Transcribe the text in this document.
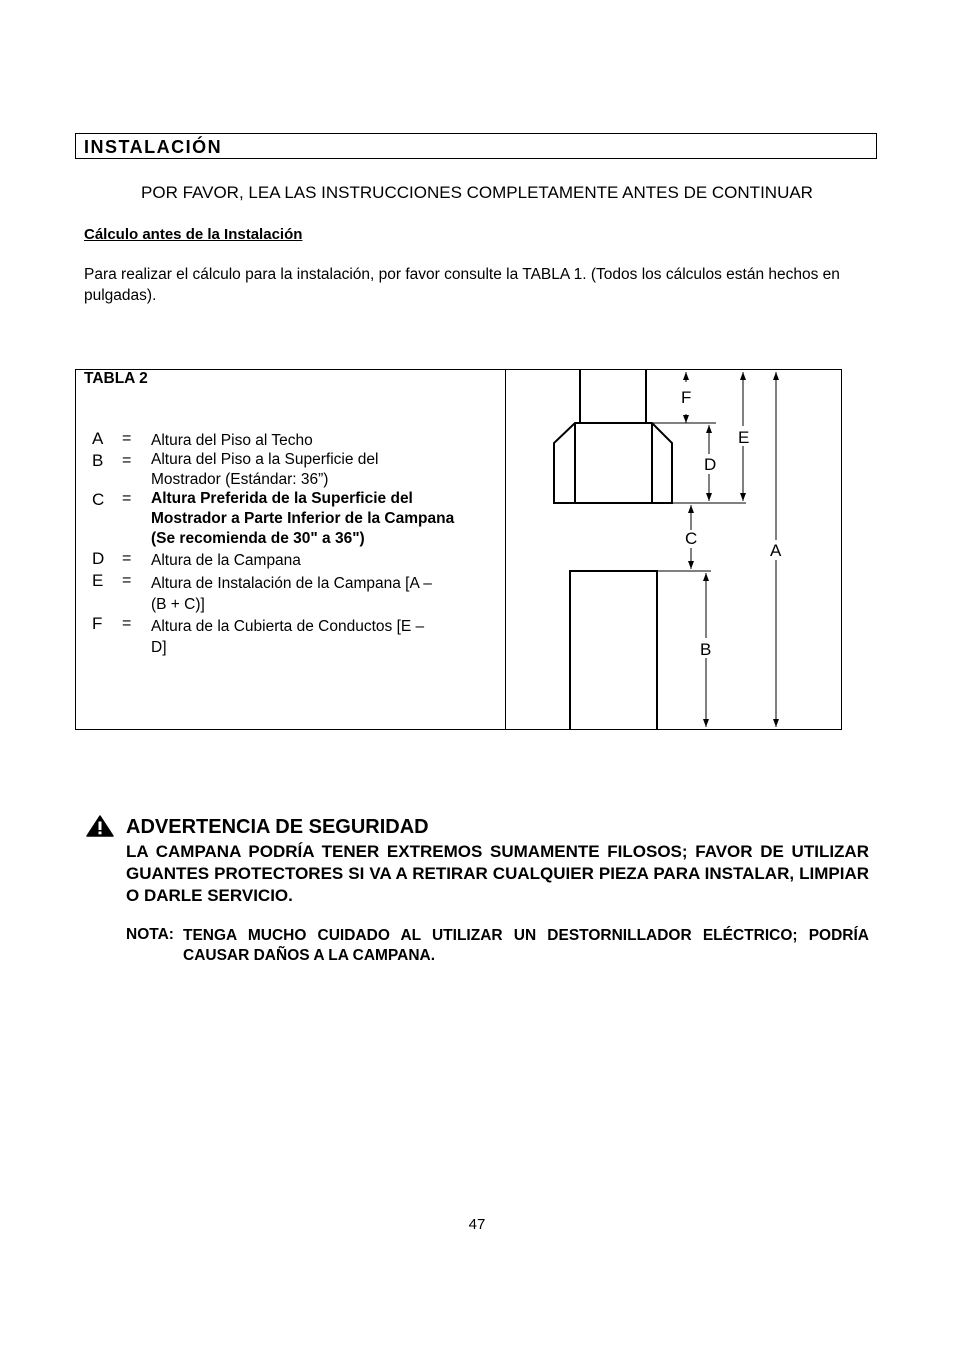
INSTALACIÓN
POR FAVOR, LEA LAS INSTRUCCIONES COMPLETAMENTE ANTES DE CONTINUAR
Cálculo antes de la Instalación
Para realizar el cálculo para la instalación, por favor consulte la TABLA 1. (Todos los cálculos están hechos en pulgadas).
TABLA 2
A = Altura del Piso al Techo
B = Altura del Piso a la Superficie del Mostrador (Estándar: 36”)
C = Altura Preferida de la Superficie del Mostrador a Parte Inferior de la Campana (Se recomienda de 30" a 36")
D = Altura de la Campana
E = Altura de Instalación de la Campana [A – (B + C)]
F = Altura de la Cubierta de Conductos [E – D]
F
D
E
C
B
A
ADVERTENCIA DE SEGURIDAD
LA CAMPANA PODRÍA TENER EXTREMOS SUMAMENTE FILOSOS; FAVOR DE UTILIZAR GUANTES PROTECTORES SI VA A RETIRAR CUALQUIER PIEZA PARA INSTALAR, LIMPIAR O DARLE SERVICIO.
NOTA: TENGA MUCHO CUIDADO AL UTILIZAR UN DESTORNILLADOR ELÉCTRICO; PODRÍA CAUSAR DAÑOS A LA CAMPANA.
47
